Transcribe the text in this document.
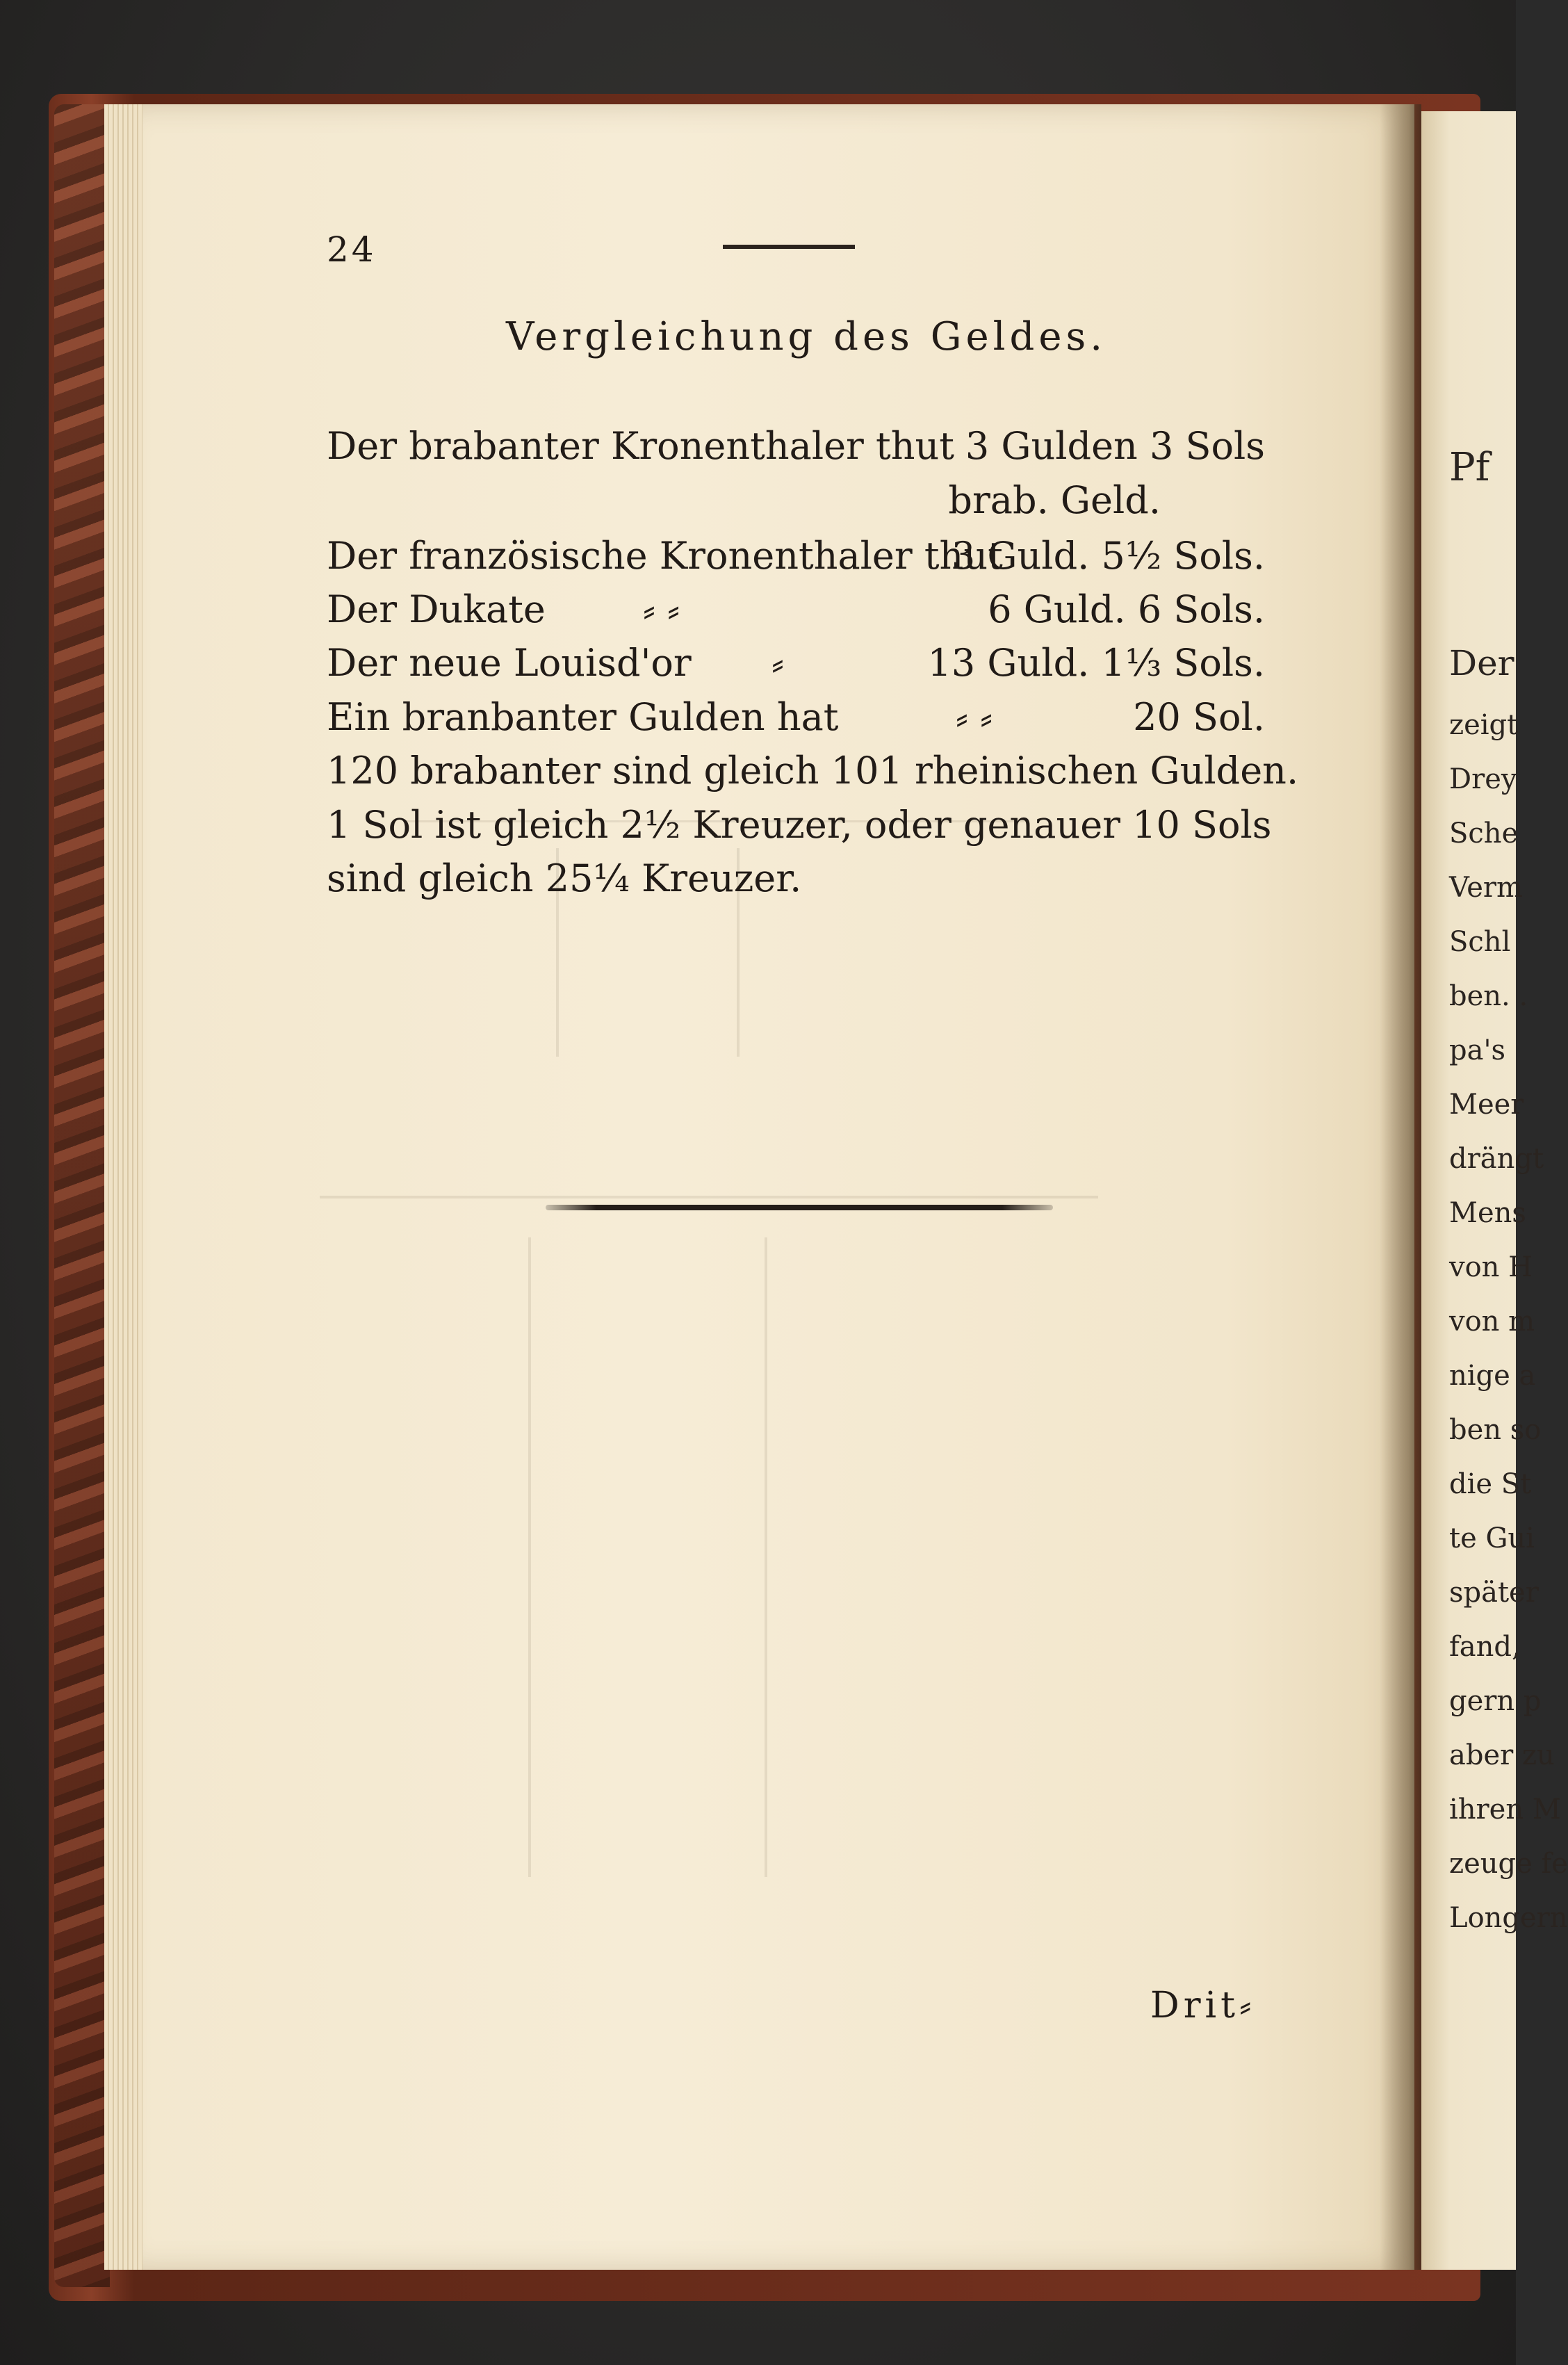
Pf
Der
zeigt
Drey
Sche
Verm
Schl
ben. .
pa's
Meer
drängt
Mens
von H
von m
nige a
ben so
die St
te Gui
später
fand,
gern p
aber zu
ihren M
zeuge fe
Longern
24
Vergleichung des Geldes.
Der brabanter Kronenthaler thut 3 Gulden 3 Sols
brab. Geld.
Der französische Kronenthaler thut
3 Guld. 5½ Sols.
Der Dukate	⸗ ⸗	6 Guld. 6 Sols.
Der neue Louisd'or ⸗	13 Guld. 1⅓ Sols.
Ein branbanter Gulden hat	⸗ ⸗	20 Sol.
120 brabanter sind gleich 101 rheinischen Gulden.
1 Sol ist gleich 2½ Kreuzer, oder genauer 10 Sols
sind gleich 25¼ Kreuzer.
Drit⸗
